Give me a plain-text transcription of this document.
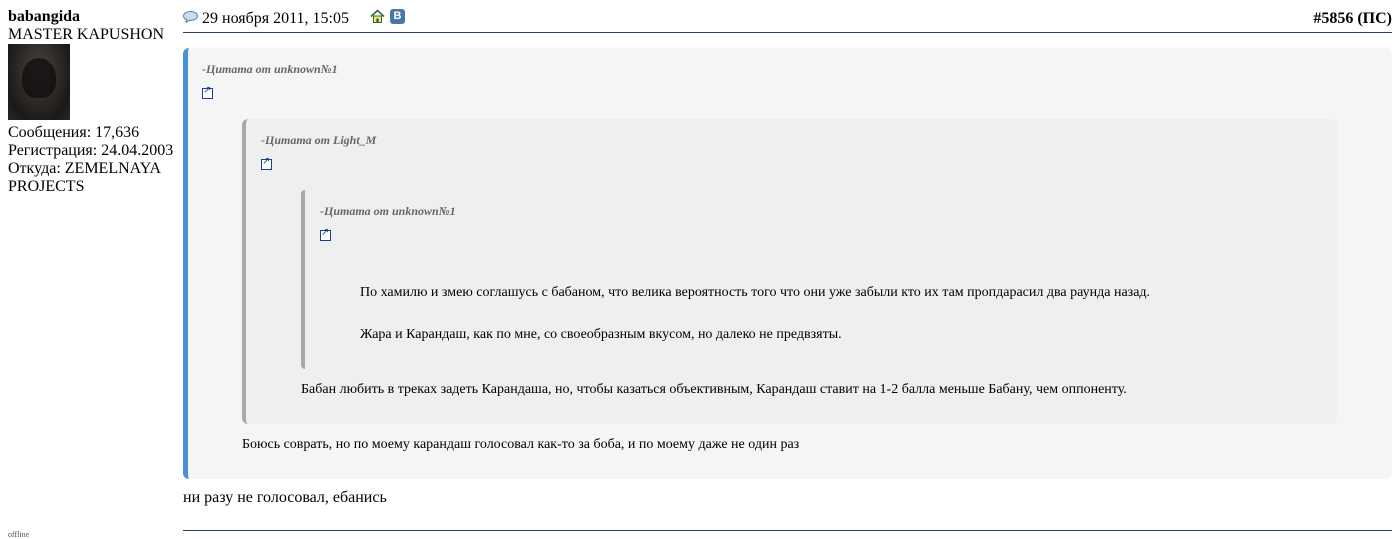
babangida
MASTER KAPUSHON
Сообщения: 17,636
Регистрация: 24.04.2003
Откуда: ZEMELNAYA PROJECTS
offline
29 ноября 2011, 15:05	В	#5856 (ПС)
-Цитата от unknown№1
↗
-Цитата от Light_M
↗
-Цитата от unknown№1
↗
По хамилю и змею соглашусь с бабаном, что велика вероятность того что они уже забыли кто их там пропдарасил два раунда назад.
Жара и Карандаш, как по мне, со своеобразным вкусом, но далеко не предвзяты.
Бабан любить в треках задеть Карандаша, но, чтобы казаться объективным, Карандаш ставит на 1-2 балла меньше Бабану, чем оппоненту.
Боюсь соврать, но по моему карандаш голосовал как-то за боба, и по моему даже не один раз
ни разу не голосовал, ебанись
